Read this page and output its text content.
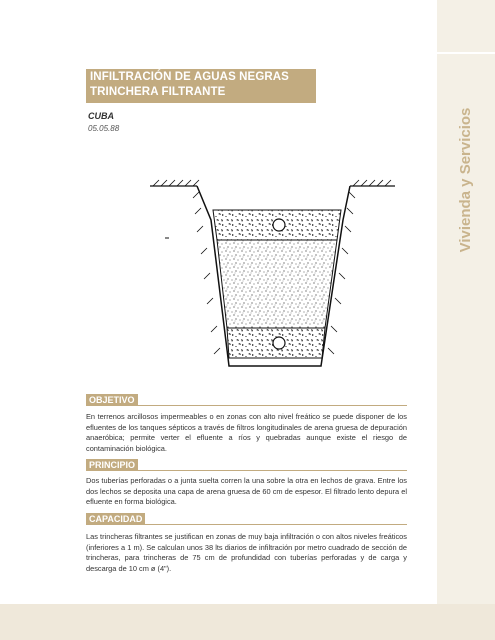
Vivienda y Servicios
INFILTRACIÓN DE AGUAS NEGRAS
TRINCHERA FILTRANTE
CUBA
05.05.88
OBJETIVO
En terrenos arcillosos impermeables o en zonas con alto nivel freático se puede disponer de los efluentes de los tanques sépticos a través de filtros longitudinales de arena gruesa de depuración anaeróbica; permite verter el efluente a ríos y quebradas aunque existe el riesgo de contaminación biológica.
PRINCIPIO
Dos tuberías perforadas o a junta suelta corren la una sobre la otra en lechos de grava. Entre los dos lechos se deposita una capa de arena gruesa de 60 cm de espesor. El filtrado lento depura el efluente en forma biológica.
CAPACIDAD
Las trincheras filtrantes se justifican en zonas de muy baja infiltración o con altos niveles freáticos (inferiores a 1 m). Se calculan unos 38 lts diarios de infiltración por metro cuadrado de sección de trincheras, para trincheras de 75 cm de profundidad con tuberías perforadas y de carga y descarga de 10 cm ø (4").
